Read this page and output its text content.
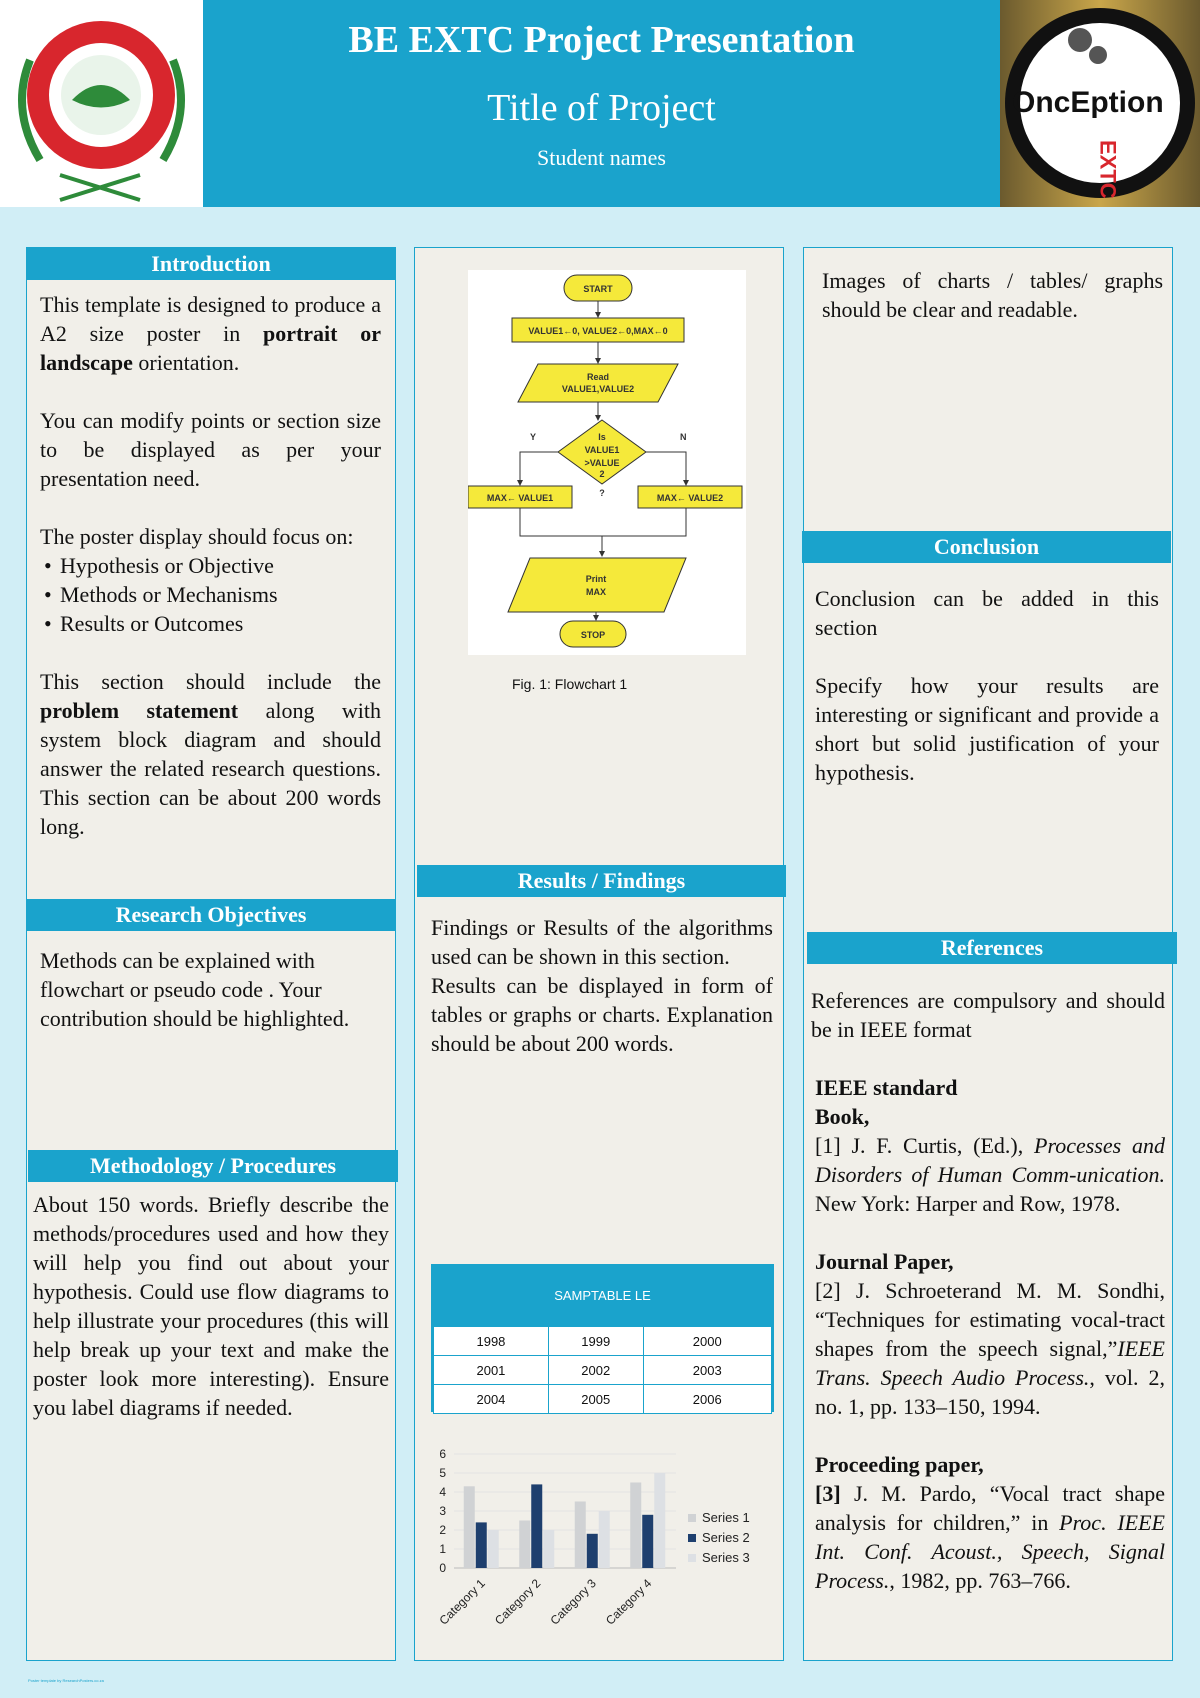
OncEption
EXTC
BE EXTC Project Presentation
Title of Project
Student names
Introduction

This template is designed to produce a A2 size poster in portrait or landscape orientation.

You can modify points or section size to be displayed as per your presentation need.

The poster display should focus on:

• Hypothesis or Objective
• Methods or Mechanisms
• Results or Outcomes

This section should include the problem statement along with system block diagram and should answer the related research questions. This section can be about 200 words long.

Research Objectives
Methods can be explained with flowchart or pseudo code . Your contribution should be highlighted.
Methodology / Procedures
About 150 words. Briefly describe the methods/procedures used and how they will help you find out about your hypothesis. Could use flow diagrams to help illustrate your procedures (this will help break up your text and make the poster look more interesting). Ensure you label diagrams if needed.
START
VALUE1←0, VALUE2←0,MAX←0
Read
VALUE1,VALUE2
Is
VALUE1
>VALUE
2
?
Y	N
MAX← VALUE1	MAX← VALUE2
Print
MAX
STOP
Fig. 1: Flowchart 1
Results / Findings

Findings or Results of the algorithms used can be shown in this section.

Results can be displayed in form of tables or graphs or charts. Explanation should be about 200 words.

SAMPTABLE LE
1998	1999	2000
2001	2002	2003
2004	2005	2006
0
1
2
3
4
5
6
Category 1 Category 2 Category 3 Category 4
Series 1
Series 2
Series 3
Images of charts / tables/ graphs should be clear and readable.
Conclusion

Conclusion can be added in this section

Specify how your results are interesting or significant and provide a short but solid justification of your hypothesis.

References

References are compulsory and should be in IEEE format

IEEE standard

Book,

[1] J. F. Curtis, (Ed.), Processes and Disorders of Human Comm-unication. New York: Harper and Row, 1978.

Journal Paper,

[2] J. Schroeterand M. M. Sondhi, “Techniques for estimating vocal-tract shapes from the speech signal,”IEEE Trans. Speech Audio Process., vol. 2, no. 1, pp. 133–150, 1994.

Proceeding paper,

[3] J. M. Pardo, “Vocal tract shape analysis for children,” in Proc. IEEE Int. Conf. Acoust., Speech, Signal Process., 1982, pp. 763–766.

Poster template by ResearchPosters.co.za
